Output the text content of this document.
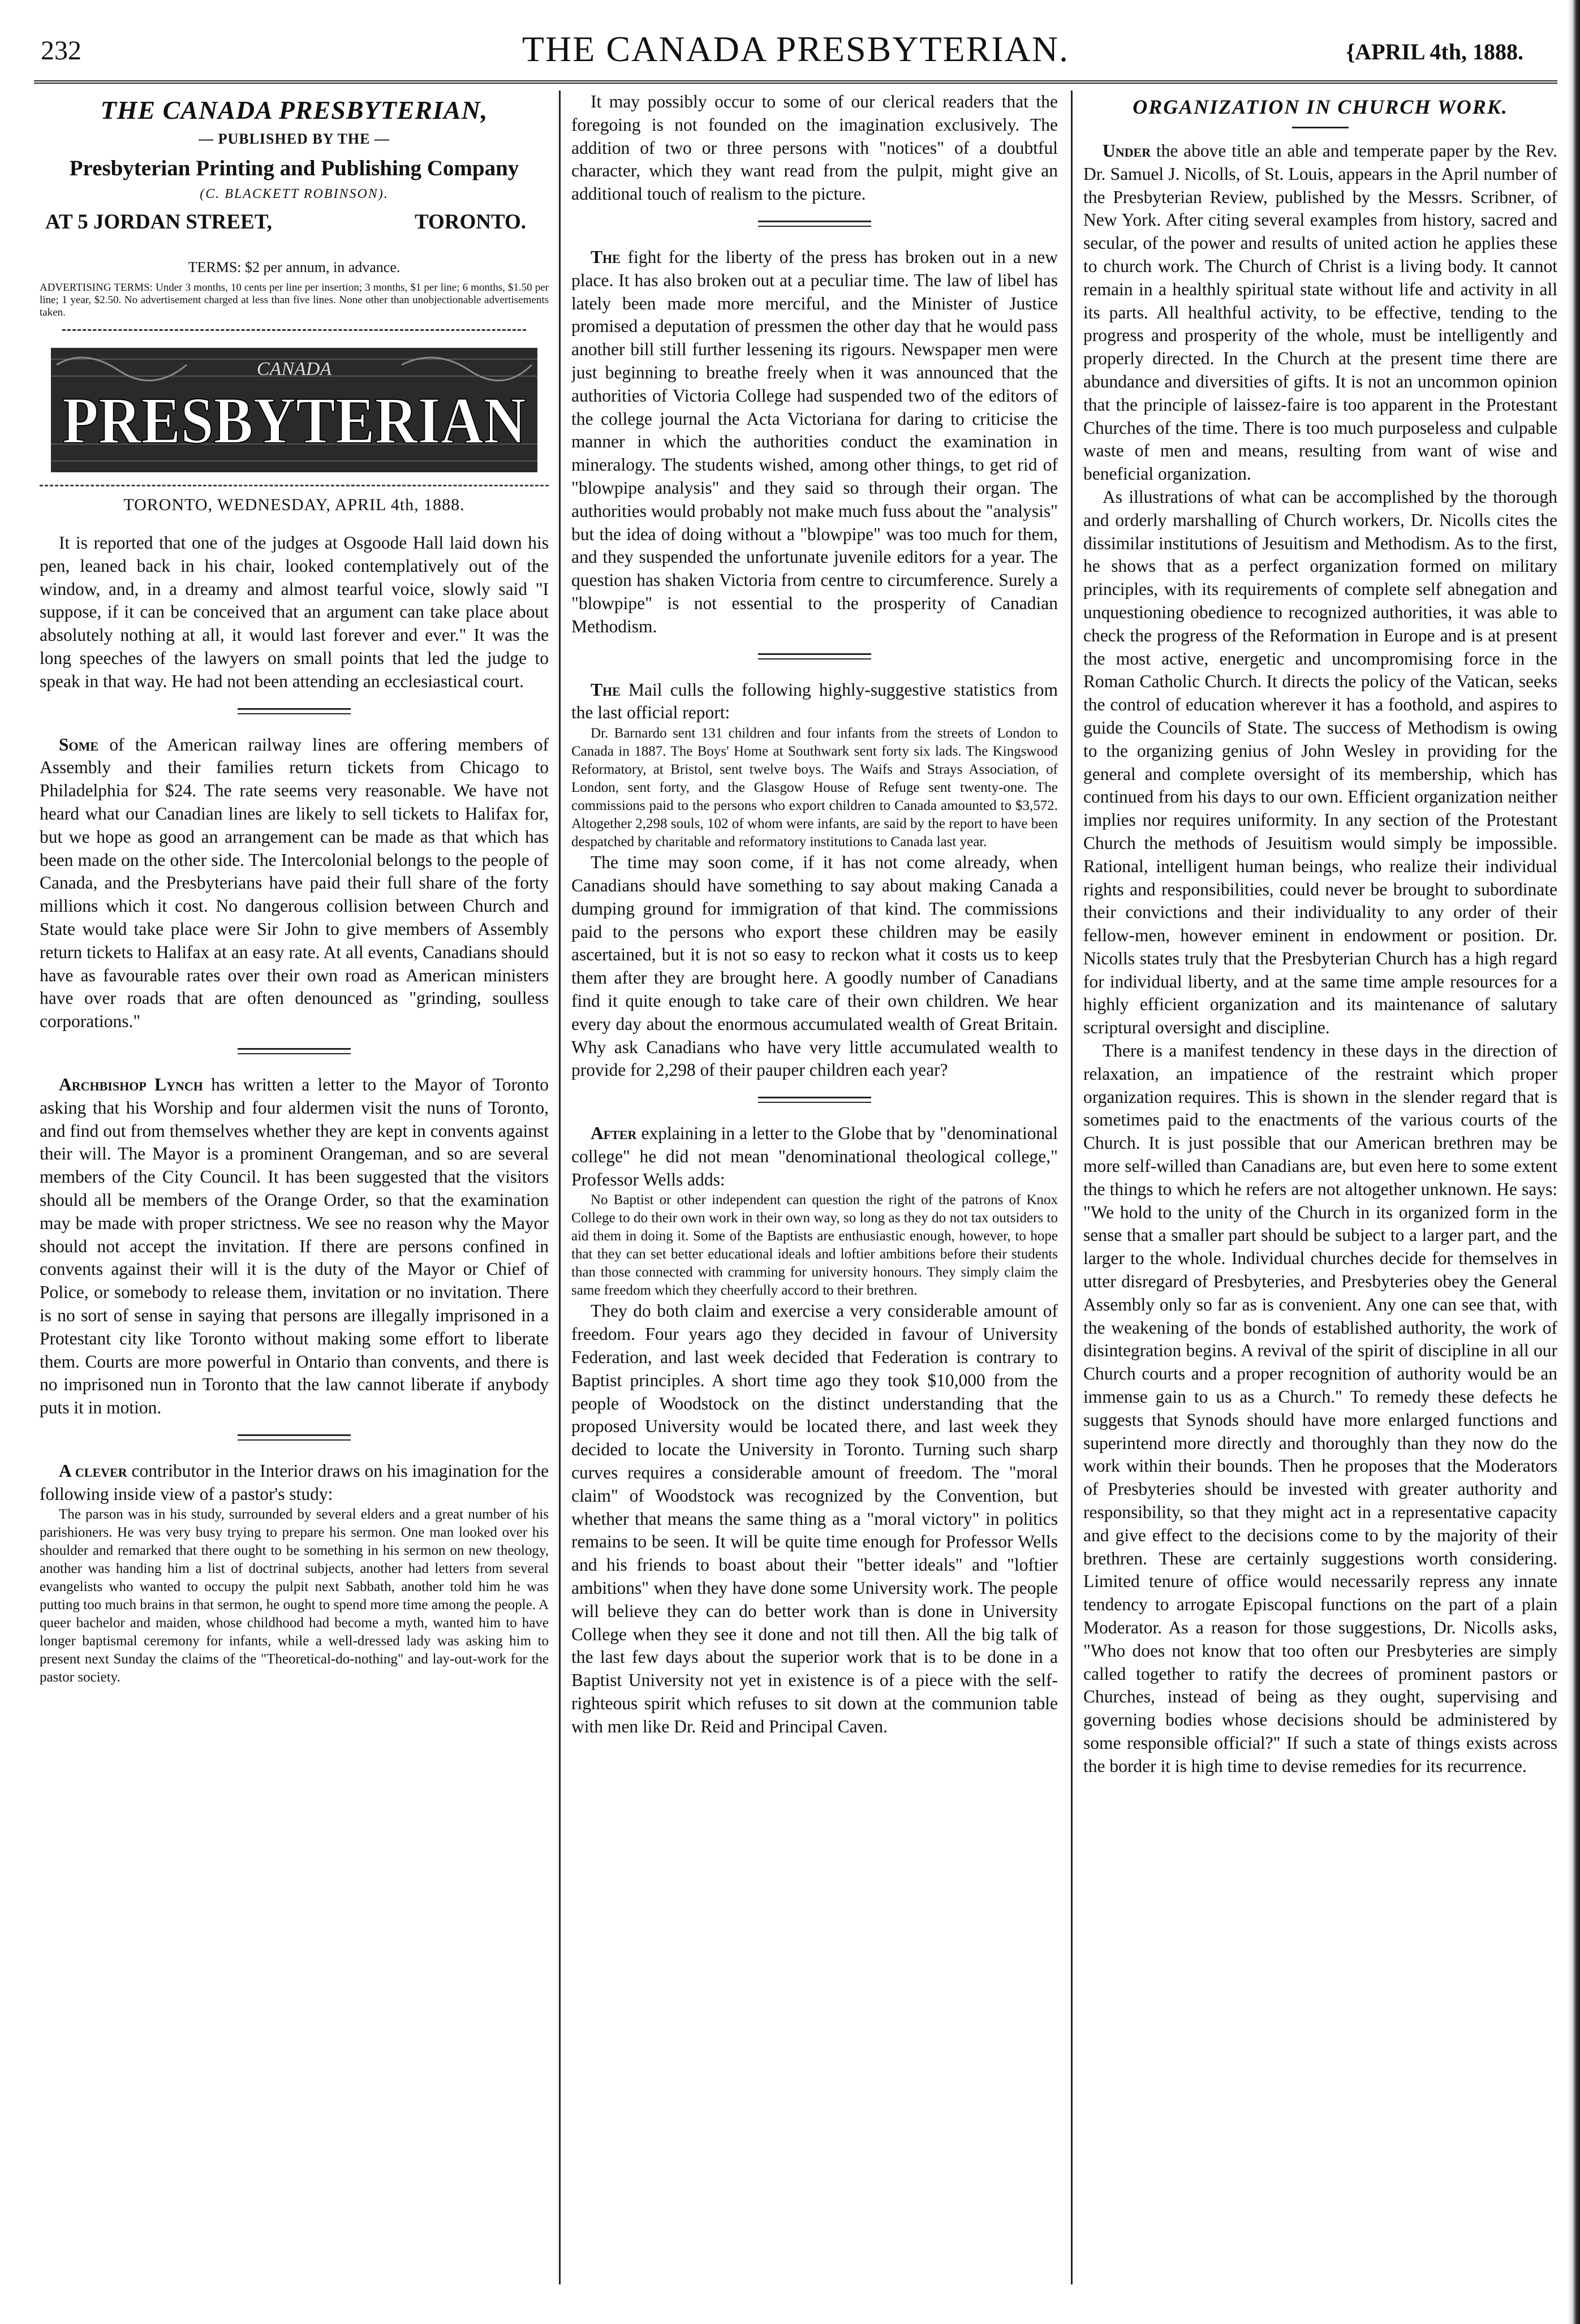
232	THE CANADA PRESBYTERIAN.	{APRIL 4th, 1888.
THE CANADA PRESBYTERIAN,
— PUBLISHED BY THE —
Presbyterian Printing and Publishing Company
(C. BLACKETT ROBINSON).
AT 5 JORDAN STREET,	TORONTO.
TERMS: $2 per annum, in advance.
ADVERTISING TERMS: Under 3 months, 10 cents per line per insertion; 3 months, $1 per line; 6 months, $1.50 per line; 1 year, $2.50. No advertisement charged at less than five lines. None other than unobjectionable advertisements taken.
CANADA
PRESBYTERIAN
TORONTO, WEDNESDAY, APRIL 4th, 1888.

It is reported that one of the judges at Osgoode Hall laid down his pen, leaned back in his chair, looked contemplatively out of the window, and, in a dreamy and almost tearful voice, slowly said "I suppose, if it can be conceived that an argument can take place about absolutely nothing at all, it would last forever and ever." It was the long speeches of the lawyers on small points that led the judge to speak in that way. He had not been attending an ecclesiastical court.

Some of the American railway lines are offering members of Assembly and their families return tickets from Chicago to Philadelphia for $24. The rate seems very reasonable. We have not heard what our Canadian lines are likely to sell tickets to Halifax for, but we hope as good an arrangement can be made as that which has been made on the other side. The Intercolonial belongs to the people of Canada, and the Presbyterians have paid their full share of the forty millions which it cost. No dangerous collision between Church and State would take place were Sir John to give members of Assembly return tickets to Halifax at an easy rate. At all events, Canadians should have as favourable rates over their own road as American ministers have over roads that are often denounced as "grinding, soulless corporations."

Archbishop Lynch has written a letter to the Mayor of Toronto asking that his Worship and four aldermen visit the nuns of Toronto, and find out from themselves whether they are kept in convents against their will. The Mayor is a prominent Orangeman, and so are several members of the City Council. It has been suggested that the visitors should all be members of the Orange Order, so that the examination may be made with proper strictness. We see no reason why the Mayor should not accept the invitation. If there are persons confined in convents against their will it is the duty of the Mayor or Chief of Police, or somebody to release them, invitation or no invitation. There is no sort of sense in saying that persons are illegally imprisoned in a Protestant city like Toronto without making some effort to liberate them. Courts are more powerful in Ontario than convents, and there is no imprisoned nun in Toronto that the law cannot liberate if anybody puts it in motion.

A clever contributor in the Interior draws on his imagination for the following inside view of a pastor's study:

The parson was in his study, surrounded by several elders and a great number of his parishioners. He was very busy trying to prepare his sermon. One man looked over his shoulder and remarked that there ought to be something in his sermon on new theology, another was handing him a list of doctrinal subjects, another had letters from several evangelists who wanted to occupy the pulpit next Sabbath, another told him he was putting too much brains in that sermon, he ought to spend more time among the people. A queer bachelor and maiden, whose childhood had become a myth, wanted him to have longer baptismal ceremony for infants, while a well-dressed lady was asking him to present next Sunday the claims of the "Theoretical-do-nothing" and lay-out-work for the pastor society.

It may possibly occur to some of our clerical readers that the foregoing is not founded on the imagination exclusively. The addition of two or three persons with "notices" of a doubtful character, which they want read from the pulpit, might give an additional touch of realism to the picture.

The fight for the liberty of the press has broken out in a new place. It has also broken out at a peculiar time. The law of libel has lately been made more merciful, and the Minister of Justice promised a deputation of pressmen the other day that he would pass another bill still further lessening its rigours. Newspaper men were just beginning to breathe freely when it was announced that the authorities of Victoria College had suspended two of the editors of the college journal the Acta Victoriana for daring to criticise the manner in which the authorities conduct the examination in mineralogy. The students wished, among other things, to get rid of "blowpipe analysis" and they said so through their organ. The authorities would probably not make much fuss about the "analysis" but the idea of doing without a "blowpipe" was too much for them, and they suspended the unfortunate juvenile editors for a year. The question has shaken Victoria from centre to circumference. Surely a "blowpipe" is not essential to the prosperity of Canadian Methodism.

The Mail culls the following highly-suggestive statistics from the last official report:

Dr. Barnardo sent 131 children and four infants from the streets of London to Canada in 1887. The Boys' Home at Southwark sent forty six lads. The Kingswood Reformatory, at Bristol, sent twelve boys. The Waifs and Strays Association, of London, sent forty, and the Glasgow House of Refuge sent twenty-one. The commissions paid to the persons who export children to Canada amounted to $3,572. Altogether 2,298 souls, 102 of whom were infants, are said by the report to have been despatched by charitable and reformatory institutions to Canada last year.

The time may soon come, if it has not come already, when Canadians should have something to say about making Canada a dumping ground for immigration of that kind. The commissions paid to the persons who export these children may be easily ascertained, but it is not so easy to reckon what it costs us to keep them after they are brought here. A goodly number of Canadians find it quite enough to take care of their own children. We hear every day about the enormous accumulated wealth of Great Britain. Why ask Canadians who have very little accumulated wealth to provide for 2,298 of their pauper children each year?

After explaining in a letter to the Globe that by "denominational college" he did not mean "denominational theological college," Professor Wells adds:

No Baptist or other independent can question the right of the patrons of Knox College to do their own work in their own way, so long as they do not tax outsiders to aid them in doing it. Some of the Baptists are enthusiastic enough, however, to hope that they can set better educational ideals and loftier ambitions before their students than those connected with cramming for university honours. They simply claim the same freedom which they cheerfully accord to their brethren.

They do both claim and exercise a very considerable amount of freedom. Four years ago they decided in favour of University Federation, and last week decided that Federation is contrary to Baptist principles. A short time ago they took $10,000 from the people of Woodstock on the distinct understanding that the proposed University would be located there, and last week they decided to locate the University in Toronto. Turning such sharp curves requires a considerable amount of freedom. The "moral claim" of Woodstock was recognized by the Convention, but whether that means the same thing as a "moral victory" in politics remains to be seen. It will be quite time enough for Professor Wells and his friends to boast about their "better ideals" and "loftier ambitions" when they have done some University work. The people will believe they can do better work than is done in University College when they see it done and not till then. All the big talk of the last few days about the superior work that is to be done in a Baptist University not yet in existence is of a piece with the self-righteous spirit which refuses to sit down at the communion table with men like Dr. Reid and Principal Caven.

ORGANIZATION IN CHURCH WORK.

Under the above title an able and temperate paper by the Rev. Dr. Samuel J. Nicolls, of St. Louis, appears in the April number of the Presbyterian Review, published by the Messrs. Scribner, of New York. After citing several examples from history, sacred and secular, of the power and results of united action he applies these to church work. The Church of Christ is a living body. It cannot remain in a healthly spiritual state without life and activity in all its parts. All healthful activity, to be effective, tending to the progress and prosperity of the whole, must be intelligently and properly directed. In the Church at the present time there are abundance and diversities of gifts. It is not an uncommon opinion that the principle of laissez-faire is too apparent in the Protestant Churches of the time. There is too much purposeless and culpable waste of men and means, resulting from want of wise and beneficial organization.

As illustrations of what can be accomplished by the thorough and orderly marshalling of Church workers, Dr. Nicolls cites the dissimilar institutions of Jesuitism and Methodism. As to the first, he shows that as a perfect organization formed on military principles, with its requirements of complete self abnegation and unquestioning obedience to recognized authorities, it was able to check the progress of the Reformation in Europe and is at present the most active, energetic and uncompromising force in the Roman Catholic Church. It directs the policy of the Vatican, seeks the control of education wherever it has a foothold, and aspires to guide the Councils of State. The success of Methodism is owing to the organizing genius of John Wesley in providing for the general and complete oversight of its membership, which has continued from his days to our own. Efficient organization neither implies nor requires uniformity. In any section of the Protestant Church the methods of Jesuitism would simply be impossible. Rational, intelligent human beings, who realize their individual rights and responsibilities, could never be brought to subordinate their convictions and their individuality to any order of their fellow-men, however eminent in endowment or position. Dr. Nicolls states truly that the Presbyterian Church has a high regard for individual liberty, and at the same time ample resources for a highly efficient organization and its maintenance of salutary scriptural oversight and discipline.

There is a manifest tendency in these days in the direction of relaxation, an impatience of the restraint which proper organization requires. This is shown in the slender regard that is sometimes paid to the enactments of the various courts of the Church. It is just possible that our American brethren may be more self-willed than Canadians are, but even here to some extent the things to which he refers are not altogether unknown. He says: "We hold to the unity of the Church in its organized form in the sense that a smaller part should be subject to a larger part, and the larger to the whole. Individual churches decide for themselves in utter disregard of Presbyteries, and Presbyteries obey the General Assembly only so far as is convenient. Any one can see that, with the weakening of the bonds of established authority, the work of disintegration begins. A revival of the spirit of discipline in all our Church courts and a proper recognition of authority would be an immense gain to us as a Church." To remedy these defects he suggests that Synods should have more enlarged functions and superintend more directly and thoroughly than they now do the work within their bounds. Then he proposes that the Moderators of Presbyteries should be invested with greater authority and responsibility, so that they might act in a representative capacity and give effect to the decisions come to by the majority of their brethren. These are certainly suggestions worth considering. Limited tenure of office would necessarily repress any innate tendency to arrogate Episcopal functions on the part of a plain Moderator. As a reason for those suggestions, Dr. Nicolls asks, "Who does not know that too often our Presbyteries are simply called together to ratify the decrees of prominent pastors or Churches, instead of being as they ought, supervising and governing bodies whose decisions should be administered by some responsible official?" If such a state of things exists across the border it is high time to devise remedies for its recurrence.
